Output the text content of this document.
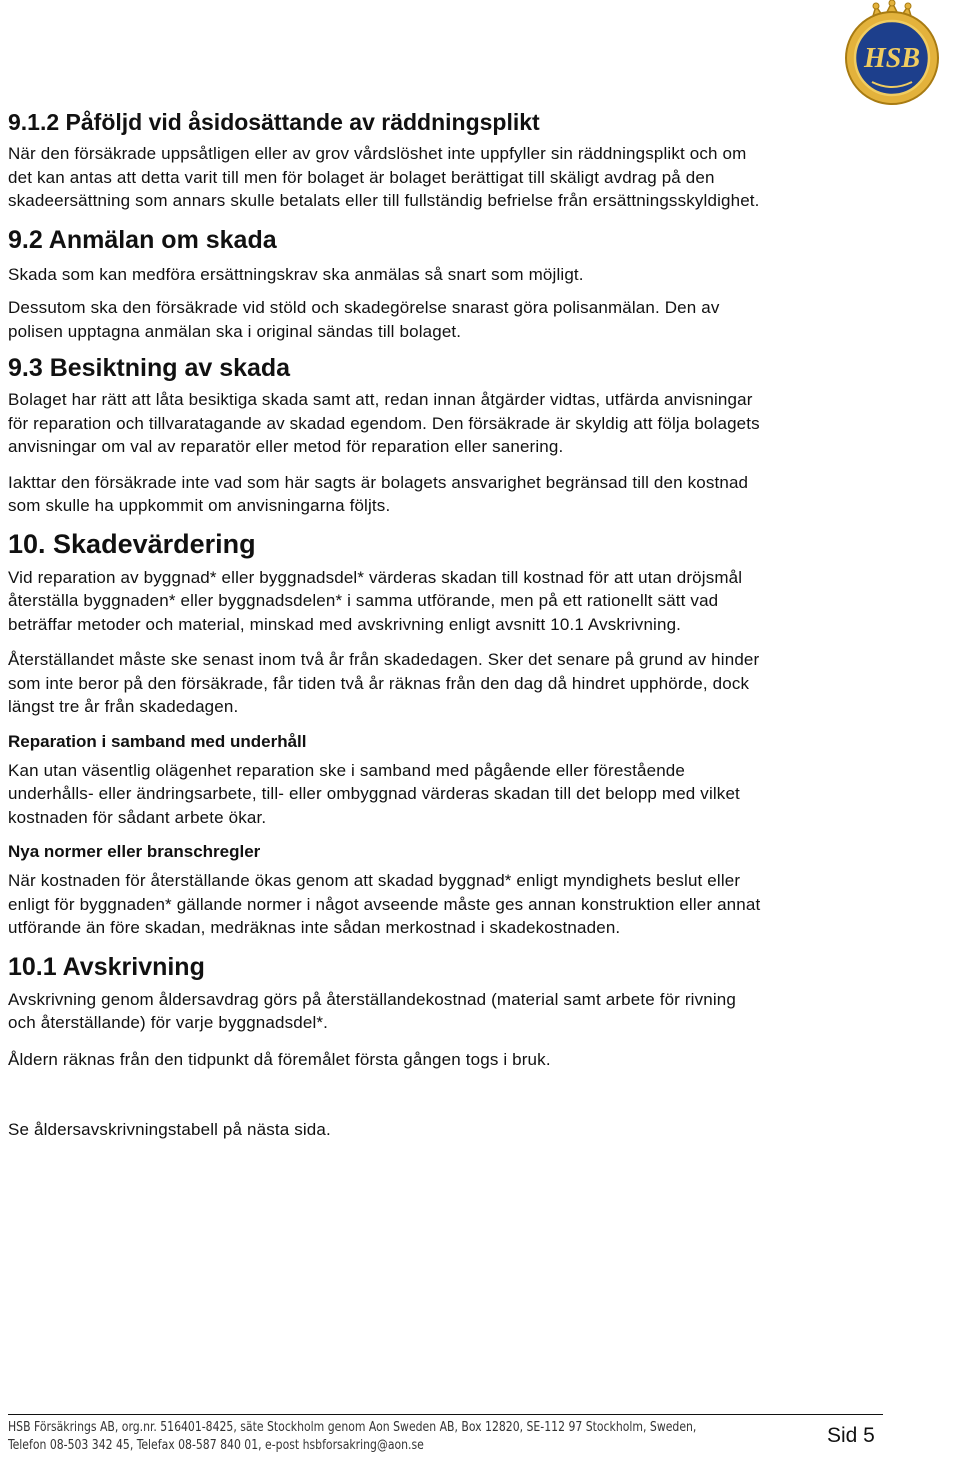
HSB
9.1.2 Påföljd vid åsidosättande av räddningsplikt

När den försäkrade uppsåtligen eller av grov vårdslöshet inte uppfyller sin räddningsplikt och om

det kan antas att detta varit till men för bolaget är bolaget berättigat till skäligt avdrag på den

skadeersättning som annars skulle betalats eller till fullständig befrielse från ersättningsskyldighet.

9.2 Anmälan om skada

Skada som kan medföra ersättningskrav ska anmälas så snart som möjligt.

Dessutom ska den försäkrade vid stöld och skadegörelse snarast göra polisanmälan. Den av

polisen upptagna anmälan ska i original sändas till bolaget.

9.3 Besiktning av skada

Bolaget har rätt att låta besiktiga skada samt att, redan innan åtgärder vidtas, utfärda anvisningar

för reparation och tillvaratagande av skadad egendom. Den försäkrade är skyldig att följa bolagets

anvisningar om val av reparatör eller metod för reparation eller sanering.

Iakttar den försäkrade inte vad som här sagts är bolagets ansvarighet begränsad till den kostnad

som skulle ha uppkommit om anvisningarna följts.

10. Skadevärdering

Vid reparation av byggnad* eller byggnadsdel* värderas skadan till kostnad för att utan dröjsmål

återställa byggnaden* eller byggnadsdelen* i samma utförande, men på ett rationellt sätt vad

beträffar metoder och material, minskad med avskrivning enligt avsnitt 10.1 Avskrivning.

Återställandet måste ske senast inom två år från skadedagen. Sker det senare på grund av hinder

som inte beror på den försäkrade, får tiden två år räknas från den dag då hindret upphörde, dock

längst tre år från skadedagen.

Reparation i samband med underhåll

Kan utan väsentlig olägenhet reparation ske i samband med pågående eller förestående

underhålls- eller ändringsarbete, till- eller ombyggnad värderas skadan till det belopp med vilket

kostnaden för sådant arbete ökar.

Nya normer eller branschregler

När kostnaden för återställande ökas genom att skadad byggnad* enligt myndighets beslut eller

enligt för byggnaden* gällande normer i något avseende måste ges annan konstruktion eller annat

utförande än före skadan, medräknas inte sådan merkostnad i skadekostnaden.

10.1 Avskrivning

Avskrivning genom åldersavdrag görs på återställandekostnad (material samt arbete för rivning

och återställande) för varje byggnadsdel*.

Åldern räknas från den tidpunkt då föremålet första gången togs i bruk.

Se åldersavskrivningstabell på nästa sida.

HSB Försäkrings AB, org.nr. 516401-8425, säte Stockholm genom Aon Sweden AB, Box 12820, SE-112 97 Stockholm, Sweden,
Telefon 08-503 342 45, Telefax 08-587 840 01, e-post hsbforsakring@aon.se	Sid 5
